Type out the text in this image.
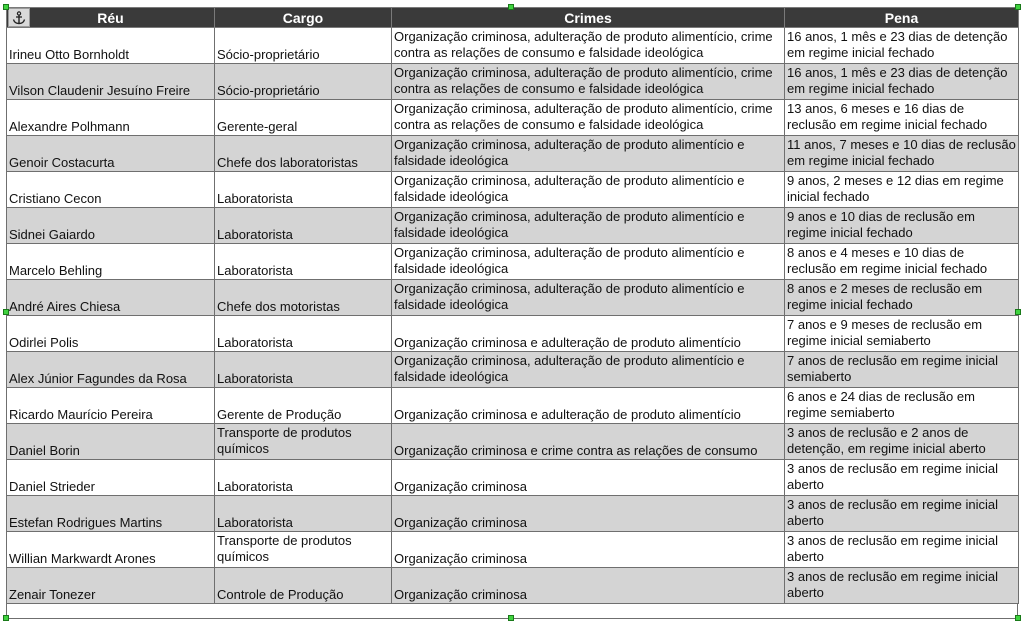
Réu	Cargo	Crimes	Pena
Irineu Otto Bornholdt	Sócio-proprietário	Organização criminosa, adulteração de produto alimentício, crime contra as relações de consumo e falsidade ideológica	16 anos, 1 mês e 23 dias de detenção em regime inicial fechado
Vilson Claudenir Jesuíno Freire	Sócio-proprietário	Organização criminosa, adulteração de produto alimentício, crime contra as relações de consumo e falsidade ideológica	16 anos, 1 mês e 23 dias de detenção em regime inicial fechado
Alexandre Polhmann	Gerente-geral	Organização criminosa, adulteração de produto alimentício, crime contra as relações de consumo e falsidade ideológica	13 anos, 6 meses e 16 dias de reclusão em regime inicial fechado
Genoir Costacurta	Chefe dos laboratoristas	Organização criminosa, adulteração de produto alimentício e falsidade ideológica	11 anos, 7 meses e 10 dias de reclusão em regime inicial fechado
Cristiano Cecon	Laboratorista	Organização criminosa, adulteração de produto alimentício e falsidade ideológica	9 anos, 2 meses e 12 dias em regime inicial fechado
Sidnei Gaiardo	Laboratorista	Organização criminosa, adulteração de produto alimentício e falsidade ideológica	9 anos e 10 dias de reclusão em regime inicial fechado
Marcelo Behling	Laboratorista	Organização criminosa, adulteração de produto alimentício e falsidade ideológica	8 anos e 4 meses e 10 dias de reclusão em regime inicial fechado
André Aires Chiesa	Chefe dos motoristas	Organização criminosa, adulteração de produto alimentício e falsidade ideológica	8 anos e 2 meses de reclusão em regime inicial fechado
Odirlei Polis	Laboratorista	Organização criminosa e adulteração de produto alimentício	7 anos e 9 meses de reclusão em regime inicial semiaberto
Alex Júnior Fagundes da Rosa	Laboratorista	Organização criminosa, adulteração de produto alimentício e falsidade ideológica	7 anos de reclusão em regime inicial semiaberto
Ricardo Maurício Pereira	Gerente de Produção	Organização criminosa e adulteração de produto alimentício	6 anos e 24 dias de reclusão em regime semiaberto
Daniel Borin	Transporte de produtos químicos	Organização criminosa e crime contra as relações de consumo	3 anos de reclusão e 2 anos de detenção, em regime inicial aberto
Daniel Strieder	Laboratorista	Organização criminosa	3 anos de reclusão em regime inicial aberto
Estefan Rodrigues Martins	Laboratorista	Organização criminosa	3 anos de reclusão em regime inicial aberto
Willian Markwardt Arones	Transporte de produtos químicos	Organização criminosa	3 anos de reclusão em regime inicial aberto
Zenair Tonezer	Controle de Produção	Organização criminosa	3 anos de reclusão em regime inicial aberto
